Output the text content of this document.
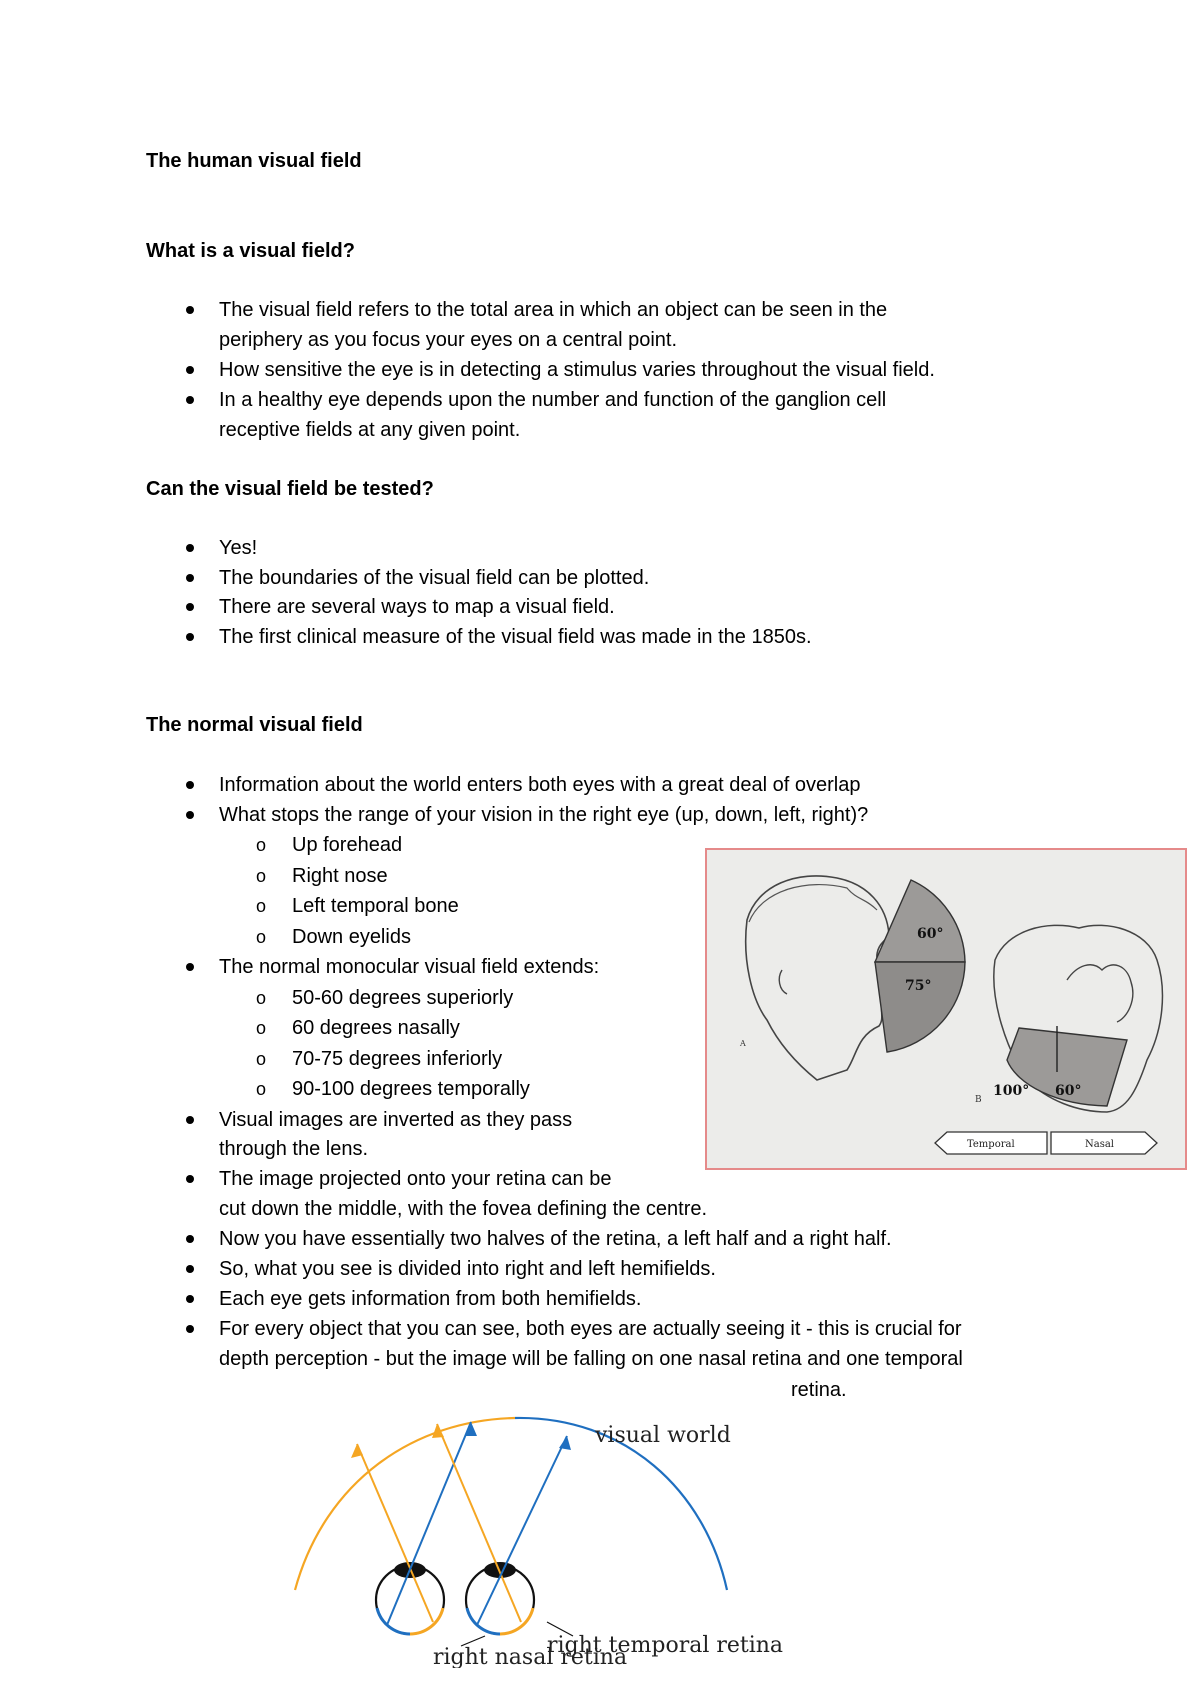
The human visual field
What is a visual field?
The visual field refers to the total area in which an object can be seen in the
periphery as you focus your eyes on a central point.
How sensitive the eye is in detecting a stimulus varies throughout the visual field.
In a healthy eye depends upon the number and function of the ganglion cell
receptive fields at any given point.
Can the visual field be tested?
Yes!
The boundaries of the visual field can be plotted.
There are several ways to map a visual field.
The first clinical measure of the visual field was made in the 1850s.
The normal visual field
Information about the world enters both eyes with a great deal of overlap
What stops the range of your vision in the right eye (up, down, left, right)?
o Up forehead
o Right nose
o Left temporal bone
o Down eyelids
The normal monocular visual field extends:
o 50-60 degrees superiorly
o 60 degrees nasally
o 70-75 degrees inferiorly
o 90-100 degrees temporally
Visual images are inverted as they pass
through the lens.
The image projected onto your retina can be
cut down the middle, with the fovea defining the centre.
Now you have essentially two halves of the retina, a left half and a right half.
So, what you see is divided into right and left hemifields.
Each eye gets information from both hemifields.
For every object that you can see, both eyes are actually seeing it - this is crucial for
depth perception - but the image will be falling on one nasal retina and one temporal
retina.
60°
75°
A
B
100° 60°
Temporal	Nasal
visual world
right temporal retina
right nasal retina
